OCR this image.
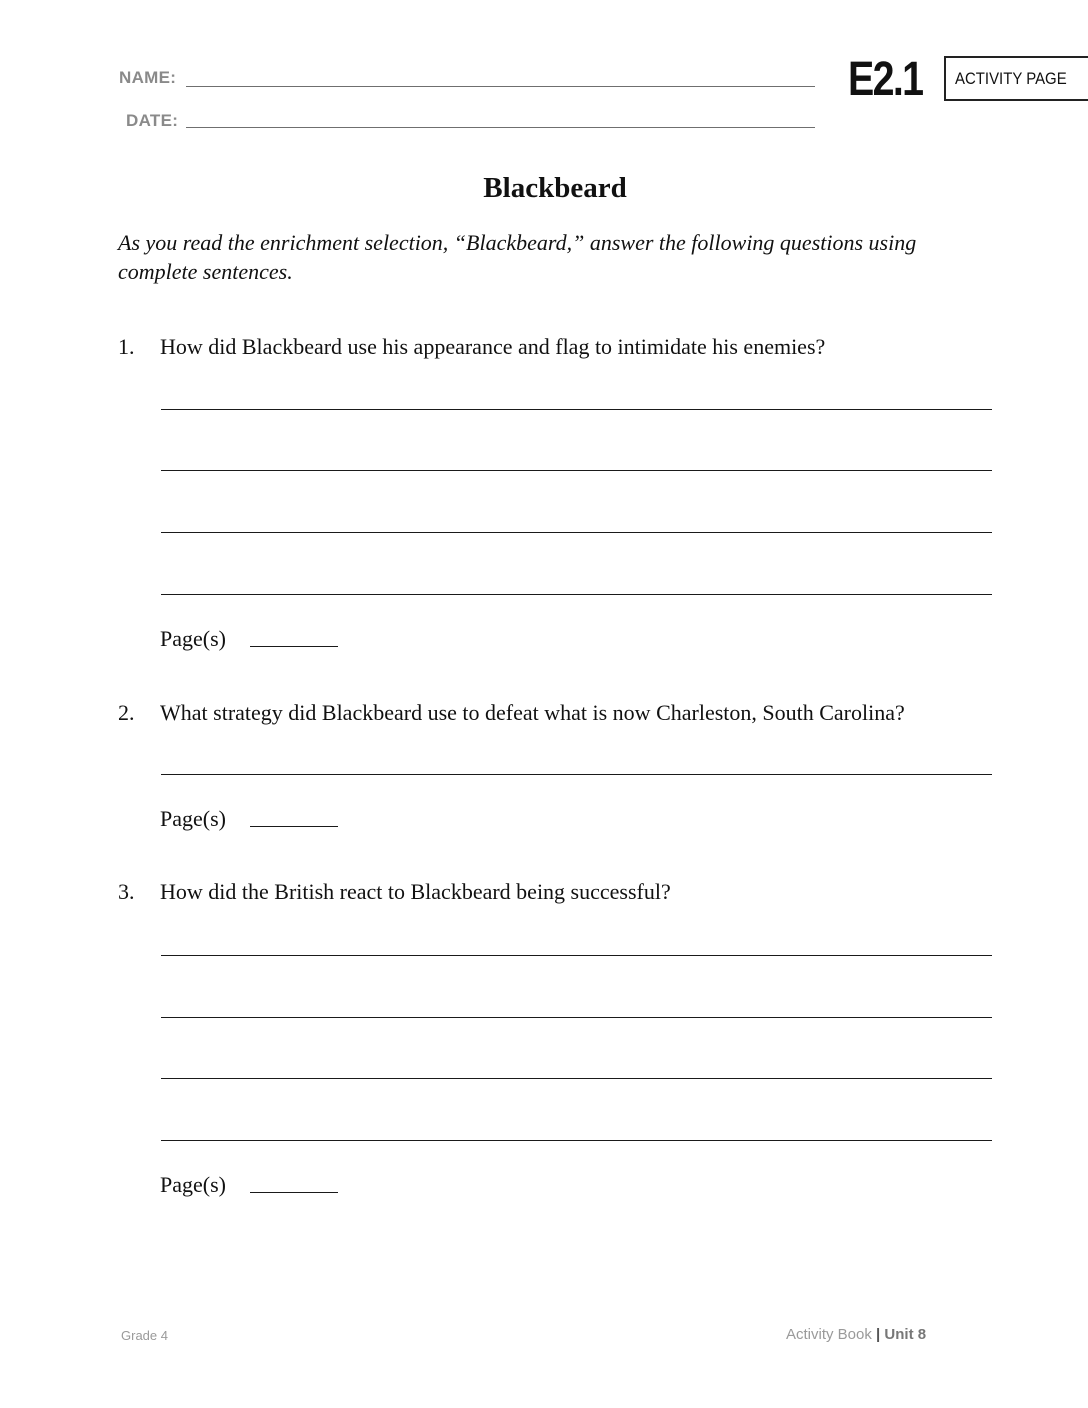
NAME:
DATE:
E2.1 ACTIVITY PAGE
Blackbeard
As you read the enrichment selection, “Blackbeard,” answer the following questions using complete sentences.
1. How did Blackbeard use his appearance and flag to intimidate his enemies?
Page(s)
2. What strategy did Blackbeard use to defeat what is now Charleston, South Carolina?
Page(s)
3. How did the British react to Blackbeard being successful?
Page(s)
Grade 4	Activity Book | Unit 8
